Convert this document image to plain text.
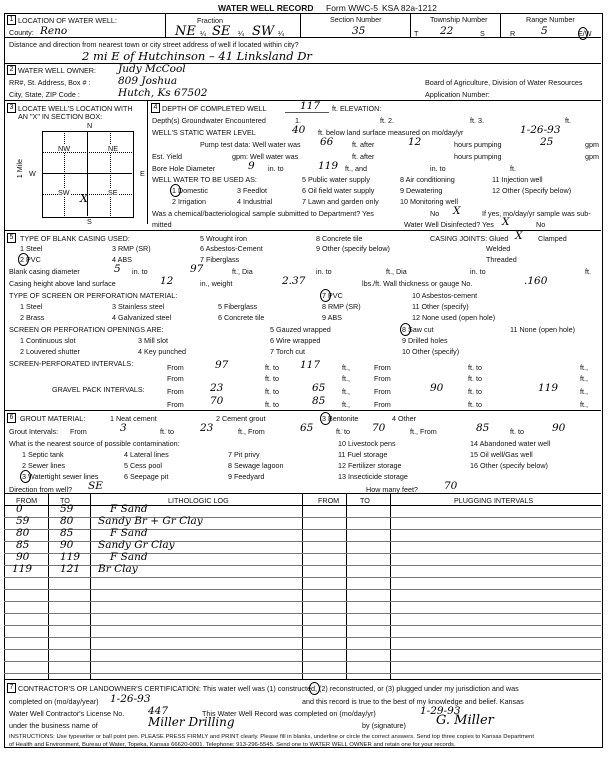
WATER WELL RECORD Form WWC-5 KSA 82a-1212
1 LOCATION OF WATER WELL:
County: Reno
Fraction
NE ¼ SE ¼ SW ¼
Section Number
35
Township Number
T 22	S
Range Number
R 5	E/W
Distance and direction from nearest town or city street address of well if located within city?
2 mi E of Hutchinson – 41 Linksland Dr
2 WATER WELL OWNER: Judy McCool
RR#, St. Address, Box # :	809 Joshua
City, State, ZIP Code :	Hutch, Ks 67502
Board of Agriculture, Division of Water Resources
Application Number:
3 LOCATE WELL'S LOCATION WITH
AN "X" IN SECTION BOX:
N
S
W	E
1 Mile
NW	NE
SW	SE
X
4 DEPTH OF COMPLETED WELL	117 ft. ELEVATION:
Depth(s) Groundwater Encountered	1.	ft. 2.	ft. 3.	ft.
WELL'S STATIC WATER LEVEL	40 ft. below land surface measured on mo/day/yr	1-26-93
Pump test data: Well water was 66	ft. after	12	hours pumping	25	gpm
Est. Yield	gpm: Well water was	ft. after	hours pumping	gpm
Bore Hole Diameter	9 in. to	119 ft., and	in. to	ft.
WELL WATER TO BE USED AS:
1 Domestic
2 Irrigation
3 Feedlot
4 Industrial
5 Public water supply
7 Lawn and garden only
6 Oil field water supply
10 Monitoring well
8 Air conditioning
9 Dewatering
11 Injection well
12 Other (Specify below)
Was a chemical/bacteriological sample submitted to Department? Yes	No X	If yes, mo/day/yr sample was sub-
mitted	Water Well Disinfected? Yes X	No
5 TYPE OF BLANK CASING USED:
1 Steel
2 PVC
3 RMP (SR)
4 ABS
5 Wrought iron
6 Asbestos-Cement
7 Fiberglass
8 Concrete tile
9 Other (specify below)
CASING JOINTS: Glued X Clamped
Welded
Threaded
Blank casing diameter	5 in. to	97	ft., Dia	in. to	ft., Dia	in. to	ft.
Casing height above land surface	12	in., weight	2.37	lbs./ft. Wall thickness or gauge No.	.160
TYPE OF SCREEN OR PERFORATION MATERIAL:
1 Steel
2 Brass
3 Stainless steel
4 Galvanized steel
5 Fiberglass
6 Concrete tile
7 PVC
8 RMP (SR)
9 ABS
10 Asbestos-cement
11 Other (specify)
12 None used (open hole)
SCREEN OR PERFORATION OPENINGS ARE:
1 Continuous slot
2 Louvered shutter
3 Mill slot
4 Key punched
5 Gauzed wrapped
6 Wire wrapped
7 Torch cut
8 Saw cut
9 Drilled holes
10 Other (specify)
11 None (open hole)
SCREEN-PERFORATED INTERVALS:	From	97	ft. to 117	ft.,	From	ft. to	ft.,
From	ft. to	ft.,	From	ft. to	ft.,
GRAVEL PACK INTERVALS:	From 23	ft. to	65 ft.,	From	90	ft. to	119	ft.,
From 70	ft. to	85 ft.,	From	ft. to	ft.,
6 GROUT MATERIAL:	1 Neat cement	2 Cement grout	3 Bentonite	4 Other
Grout Intervals: From	3	ft. to 23	ft., From	65	ft. to 70	ft., From	85	ft. to	90
What is the nearest source of possible contamination:
1 Septic tank
2 Sewer lines
3 Watertight sewer lines
4 Lateral lines
5 Cess pool
6 Seepage pit
7 Pit privy
8 Sewage lagoon
9 Feedyard
10 Livestock pens
11 Fuel storage
12 Fertilizer storage
13 Insecticide storage
14 Abandoned water well
15 Oil well/Gas well
16 Other (specify below)
Direction from well? SE	How many feet? 70
FROM	TO	LITHOLOGIC LOG	FROM	TO	PLUGGING INTERVALS
0	59	F Sand
59	80 Sandy Br + Gr Clay
80	85	F Sand
85	90 Sandy Gr Clay
90	119	F Sand
119	121 Br Clay
7 CONTRACTOR'S OR LANDOWNER'S CERTIFICATION: This water well was (1) constructed, (2) reconstructed, or (3) plugged under my jurisdiction and was
completed on (mo/day/year) 1-26-93	and this record is true to the best of my knowledge and belief. Kansas
Water Well Contractor's License No. 447	This Water Well Record was completed on (mo/day/yr)	1-29-93
under the business name of	Miller Drilling	by (signature) G. Miller
INSTRUCTIONS: Use typewriter or ball point pen. PLEASE PRESS FIRMLY and PRINT clearly. Please fill in blanks, underline or circle the correct answers. Send top three copies to Kansas Department
of Health and Environment, Bureau of Water, Topeka, Kansas 66620-0001. Telephone: 913-296-5545. Send one to WATER WELL OWNER and retain one for your records.
